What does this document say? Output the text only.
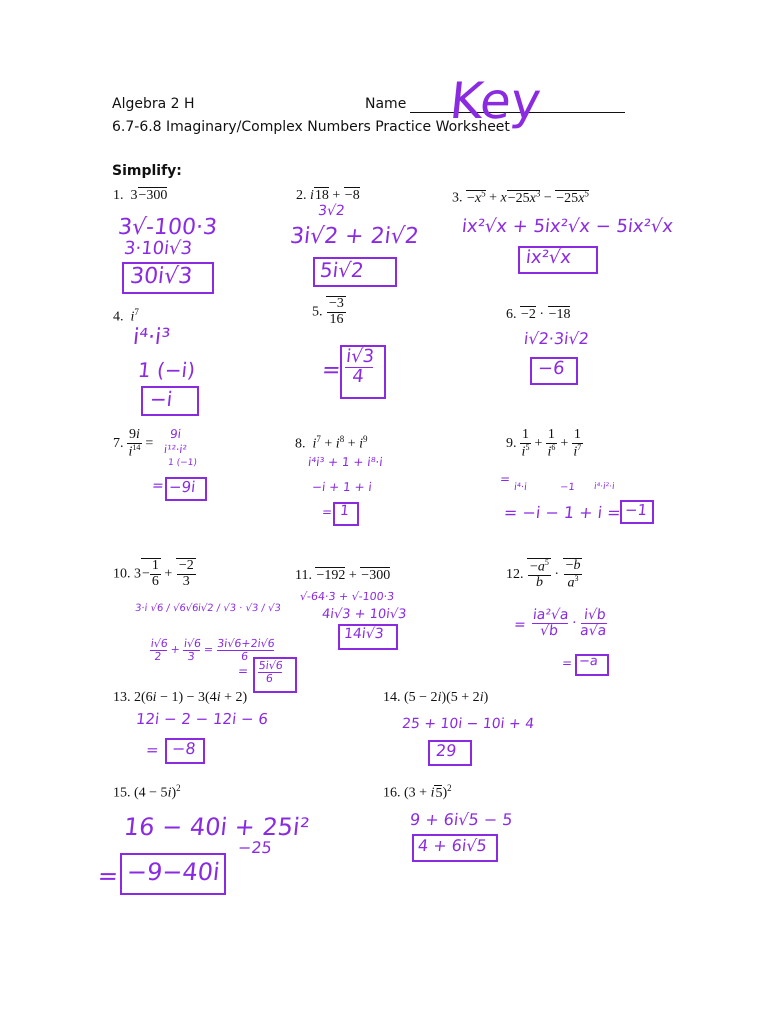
Algebra 2 H	Name Key
6.7-6.8 Imaginary/Complex Numbers Practice Worksheet
Simplify:
1.  3−300
3√-100·3
3·10i√3
30i√3
2. i18 + −8
3√2
3i√2 + 2i√2
5i√2
3. $-x^5 + x-25x^3 - -25x^5$
ix²√x + 5ix²√x − 5ix²√x
ix²√x
4.  $i^7$
i⁴·i³
1 (−i)
−i
5. $\frac{-3}{16}$
= $\frac{i√3}{4}$
6. −2 · −18
i√2·3i√2
−6
7. $\frac{9i}{i^{14}}$ =
9i
i¹²·i²
1 (−1)
= −9i
8.  $i^7 + i^8 + i^9$
i⁴i³ + 1 + i⁸·i
−i + 1 + i
= 1
9. $\frac{1}{i^5} + \frac{1}{i^6} + \frac{1}{i^7}$
=
i⁴·i	−1 i⁴·i²·i
= −i − 1 + i = −1
10. $3- \frac{1}{6} + \frac{-2}{3}$
3·i √6 / √6√6
i√2 / √3 · √3 / √3
$\frac{i√6}{2}$
+
$\frac{i√6}{3}$
=
$\frac{3i√6+2i√6}{6}$
= $\frac{5i√6}{6}$
11. −192 + −300
√-64·3 + √-100·3
4i√3 + 10i√3
14i√3
12. $\frac{-a^5}{b} \cdot \frac{-b}{a^3}$
= $\frac{\text{ia²√a}}{√b}$
·
$\frac{i√b}{a√a}$
= −a
13. 2(6i − 1) − 3(4i + 2)
12i − 2 − 12i − 6
= −8
14. (5 − 2i)(5 + 2i)
25 + 10i − 10i + 4
29
15. $(4 - 5i)^2$
16 − 40i + 25i²
−25
= −9−40i
16. $(3 + i5)^2$
9 + 6i√5 − 5
4 + 6i√5
